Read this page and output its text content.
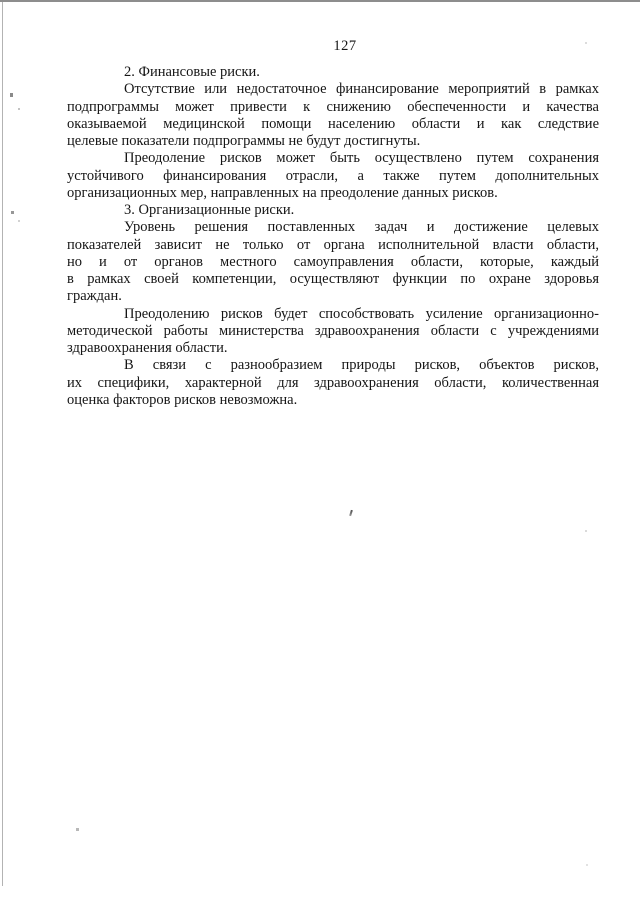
127
2. Финансовые риски.
Отсутствие или недостаточное финансирование мероприятий в рамках
подпрограммы может привести к снижению обеспеченности и качества
оказываемой медицинской помощи населению области и как следствие
целевые показатели подпрограммы не будут достигнуты.
Преодоление рисков может быть осуществлено путем сохранения
устойчивого финансирования отрасли, а также путем дополнительных
организационных мер, направленных на преодоление данных рисков.
3. Организационные риски.
Уровень решения поставленных задач и достижение целевых
показателей зависит не только от органа исполнительной власти области,
но и от органов местного самоуправления области, которые, каждый
в рамках своей компетенции, осуществляют функции по охране здоровья
граждан.
Преодолению рисков будет способствовать усиление организационно-
методической работы министерства здравоохранения области с учреждениями
здравоохранения области.
В связи с разнообразием природы рисков, объектов рисков,
их специфики, характерной для здравоохранения области, количественная
оценка факторов рисков невозможна.
